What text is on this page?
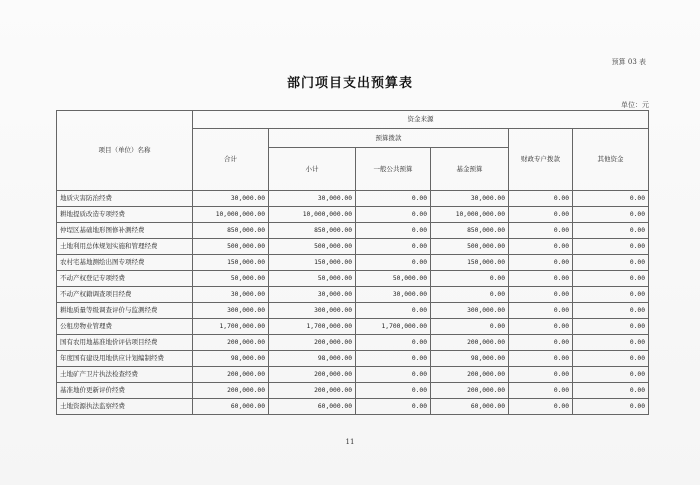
预算 03 表
部门项目支出预算表
单位：元
项目（单位）名称	资金来源					
	合计	预算拨款			财政专户拨款	其他资金
		小计	一般公共预算	基金预算		
地质灾害防治经费	30,000.00	30,000.00	0.00	30,000.00	0.00	0.00
耕地提质改造专项经费	10,000,000.00	10,000,000.00	0.00	10,000,000.00	0.00	0.00
仲埕区基础地形图修补测经费	850,000.00	850,000.00	0.00	850,000.00	0.00	0.00
土地利用总体规划实施和管理经费	500,000.00	500,000.00	0.00	500,000.00	0.00	0.00
农村宅基地测绘出图专项经费	150,000.00	150,000.00	0.00	150,000.00	0.00	0.00
不动产权登记专项经费	50,000.00	50,000.00	50,000.00	0.00	0.00	0.00
不动产权籍调查项目经费	30,000.00	30,000.00	30,000.00	0.00	0.00	0.00
耕地质量等级调查评价与监测经费	300,000.00	300,000.00	0.00	300,000.00	0.00	0.00
公租房物业管理费	1,700,000.00	1,700,000.00	1,700,000.00	0.00	0.00	0.00
国有农用地基准地价评估项目经费	200,000.00	200,000.00	0.00	200,000.00	0.00	0.00
年度国有建设用地供应计划编制经费	98,000.00	98,000.00	0.00	98,000.00	0.00	0.00
土地矿产卫片执法检查经费	200,000.00	200,000.00	0.00	200,000.00	0.00	0.00
基准地价更新评价经费	200,000.00	200,000.00	0.00	200,000.00	0.00	0.00
土地资源执法监察经费	60,000.00	60,000.00	0.00	60,000.00	0.00	0.00
11
